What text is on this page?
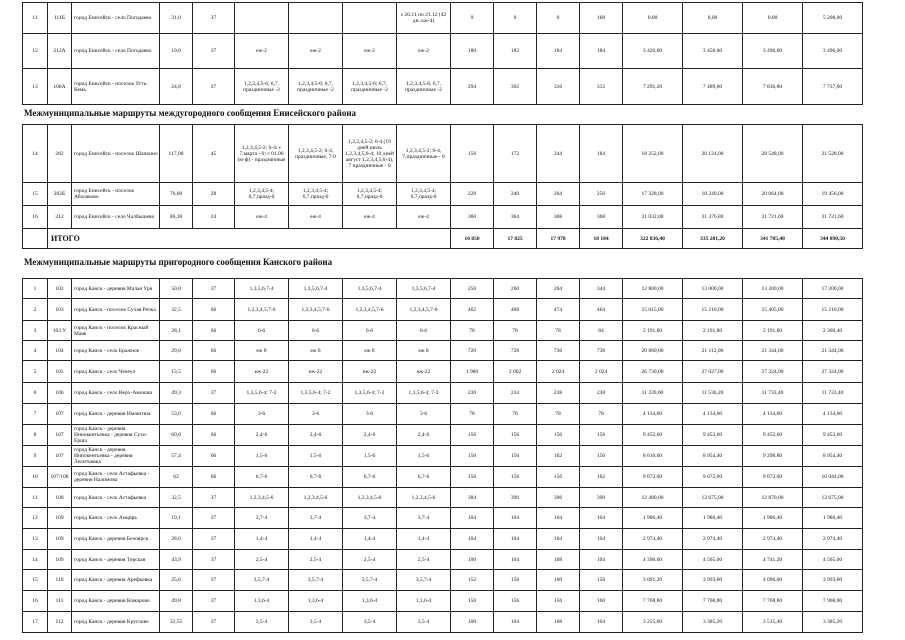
11	111Б	город Енисейск - село Погодаево	31,0	37				с 20.11 по 21.12 (42 дн. кж-4)	0	0	0	168	0,00	0,00	0,00	5 208,00
12	212А	город Енисейск - село Погодаево	19,0	37	еж-2	еж-2	еж-2	еж-2	180	182	184	184	3 420,00	3 458,00	3 496,00	3 496,00
13	108А	город Енисейск - поселок Усть-Кемь	24,8	37	1,2,3,4,5-6; 6,7, праздничные -2	1,2,3,4,5-6; 6,7, праздничные -2	1,2,3,4,5-6; 6,7, праздничные -2	1,2,3,4,5-6; 6,7, праздничные -2	294	302	316	312	7 291,20	7 489,60	7 836,80	7 737,60
Межмуниципальные маршруты междугородного сообщения Енисейского района
14	282	город Енисейск - поселок Шапкино	117,00	45	1,2,3,4,5-2; 6-4; с 7,марта - 0; с 01.06 (м-ф) - праздничные	1,2,3,4,5-2; 6-4, праздничные, 7-0	1,2,3,4,5-2; 6-4 (19 дней июль 1,2,3,4,5,6-4; 10 дней август 1,2,3,4,5,6-4), 7 праздничные - 0	1,2,3,4,5-2; 6-4, 7,праздничные - 0	156	172	244	184	18 252,00	20 124,00	28 548,00	21 528,00
15	202Б	город Енисейск - поселок Абалаково	76,00	28	1,2,3,4,5-4; 6,7,празд-0	1,2,3,4,5-4; 6,7,празд-0	1,2,3,4,5-4; 6,7,празд-0	1,2,3,4,5-4; 6,7,празд-0	228	240	264	256	17 328,00	18 240,00	20 064,00	19 456,00
16	212	город Енисейск - село Чалбышево	86,30	24	еж-4	еж-4	еж-4	еж-4	360	364	368	368	31 032,00	31 376,80	31 721,60	31 721,60
	ИТОГО								16 850	17 825	17 978	18 184	322 836,40	335 281,20	341 785,40	344 890,50
Межмуниципальные маршруты пригородного сообщения Канского района
1	102	город Канск - деревня Малая Уря	50,0	37	1,3,5,6,7-4	1,3,5,6,7-4	1,3,5,6,7-4	1,3,5,6,7-4	256	260	264	344	12 800,00	13 000,00	13 200,00	17 200,00
2	103	город Канск - поселок Сухая Речка	32,5	66	1,2,3,4,5,7-6	1,2,3,4,5,7-6	1,2,3,4,5,7-6	1,2,3,4,5,7-6	462	468	474	464	15 015,00	15 210,00	15 405,00	15 210,00
3	103 У	город Канск - поселок Красный Маяк	28,1	66	6-6	6-6	6-6	6-6	78	78	78	84	2 191,80	2 191,80	2 191,80	2 360,40
4	104	город Канск - село Бражное	29,0	66	еж 8	еж 8	еж 8	еж 8	720	728	736	736	20 880,00	21 112,00	21 344,00	21 344,00
5	105	город Канск - село Чечеул	13,5	66	еж-22	еж-22	еж-22	еж-22	1 980	2 002	2 024	2 024	26 730,00	27 027,00	27 324,00	27 324,00
6	106	город Канск - село Верх-Амонаш	49,3	37	1,3,5,6-4; 7-2	1,3,5,6-4; 7-2	1,3,5,6-4; 7-2	1,3,5,6-4; 7-2	230	234	238	238	11 339,00	11 536,20	11 733,40	11 733,40
7	107	город Канск - деревня Имангина	53,0	66	3-6	3-6	3-6	3-6	78	78	78	78	4 134,00	4 134,00	4 134,00	4 134,00
8	107	город Канск - деревня Иннокентьевка - деревня Сухо-Ерша	60,6	66	2,4-6	2,4-6	2,4-6	2,4-6	156	156	156	156	9 453,60	9 453,60	9 453,60	9 453,60
9	107	город Канск - деревня Иннокентьевка - деревня Леонтьевка	57,4	66	1,5-6	1,5-6	1,5-6	1,5-6	150	156	162	156	8 610,00	8 954,40	9 298,80	8 954,40
10	107/108	город Канск - село Астафьевка - деревня Налимова	62	66	6,7-6	6,7-6	6,7-6	6,7-6	156	156	156	162	9 672,00	9 672,00	9 672,00	10 044,00
11	108	город Канск - село Астафьевка	32,5	37	1,2,3,4,5-6	1,2,3,4,5-6	1,2,3,4,5-6	1,2,3,4,5-6	384	390	396	390	12 480,00	12 675,00	12 870,00	12 675,00
12	109	город Канск - село Анцирь	19,1	37	3,7-4	3,7-4	3,7-4	3,7-4	104	104	104	104	1 986,40	1 986,40	1 986,40	1 986,40
13	109	город Канск - деревня Белоярск	28,6	37	1,4-4	1,4-4	1,4-4	1,4-4	104	104	104	104	2 974,40	2 974,40	2 974,40	2 974,40
14	109	город Канск - деревня Терская	43,9	37	2,5-4	2,5-4	2,5-4	2,5-4	100	104	108	104	4 390,00	4 565,60	4 741,20	4 565,60
15	110	город Канск - деревня Арефьевка	25,6	37	3,5,7-4	3,5,7-4	3,5,7-4	3,5,7-4	152	156	160	156	3 891,20	3 993,60	4 096,00	3 993,60
16	111	город Канск - деревня Комарово	49,8	37	1,3,6-4	1,3,6-4	1,3,6-4	1,3,6-4	156	156	156	160	7 768,80	7 768,80	7 768,80	7 968,00
17	112	город Канск - деревня Круглово	32,55	37	3,5-4	3,5-4	3,5-4	3,5-4	100	104	108	104	3 255,00	3 385,20	3 515,40	3 385,20
